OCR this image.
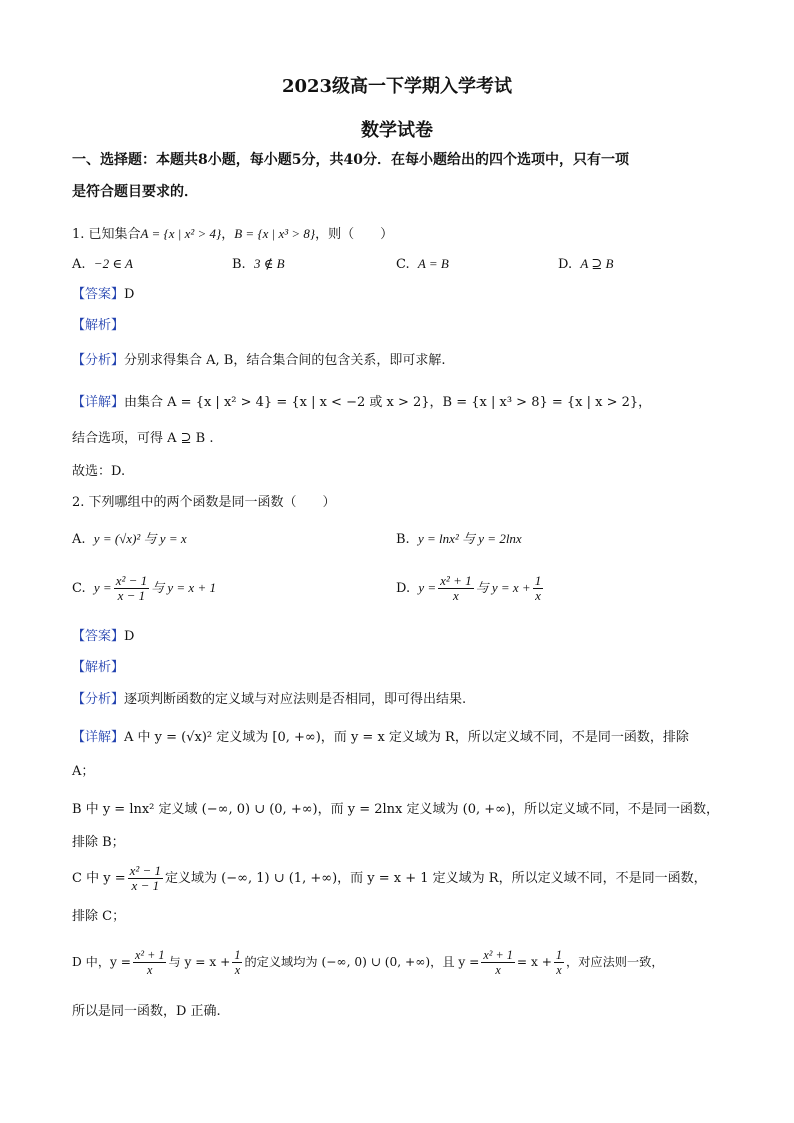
2023级高一下学期入学考试
数学试卷
一、选择题：本题共8小题，每小题5分，共40分．在每小题给出的四个选项中，只有一项
是符合题目要求的．
1. 已知集合A = {x | x² > 4}，B = {x | x³ > 8}，则（　　）
A. −2 ∈ A	B. 3 ∉ B	C. A = B	D. A ⊇ B
【答案】D
【解析】
【分析】分别求得集合 A, B，结合集合间的包含关系，即可求解.
【详解】由集合 A = {x | x² > 4} = {x | x < −2 或 x > 2}，B = {x | x³ > 8} = {x | x > 2}，
结合选项，可得 A ⊇ B .
故选：D.
2. 下列哪组中的两个函数是同一函数（　　）
A. y = (√x)² 与 y = x	B. y = lnx² 与 y = 2lnx
C. $y = \frac{\text{x² − 1}}{x - 1}$ 与 y = x + 1	D. $y = \frac{\text{x² + 1}}{x}$ 与 $y = x + \frac{1}{x}$
【答案】D
【解析】
【分析】逐项判断函数的定义域与对应法则是否相同，即可得出结果.
【详解】A 中 y = (√x)² 定义域为 [0, +∞)，而 y = x 定义域为 R，所以定义域不同，不是同一函数，排除
A；
B 中 y = lnx² 定义域 (−∞, 0) ∪ (0, +∞)，而 y = 2lnx 定义域为 (0, +∞)，所以定义域不同，不是同一函数，
排除 B；
C 中 $y = \frac{\text{x² − 1}}{x - 1}$ 定义域为 (−∞, 1) ∪ (1, +∞)，而 y = x + 1 定义域为 R，所以定义域不同，不是同一函数，
排除 C；
D 中，$y = \frac{\text{x² + 1}}{x}$ 与 $y = x + \frac{1}{x}$ 的定义域均为 (−∞, 0) ∪ (0, +∞)，且 $y = \frac{\text{x² + 1}}{x} = x + \frac{1}{x}$ ，对应法则一致，
所以是同一函数，D 正确.
